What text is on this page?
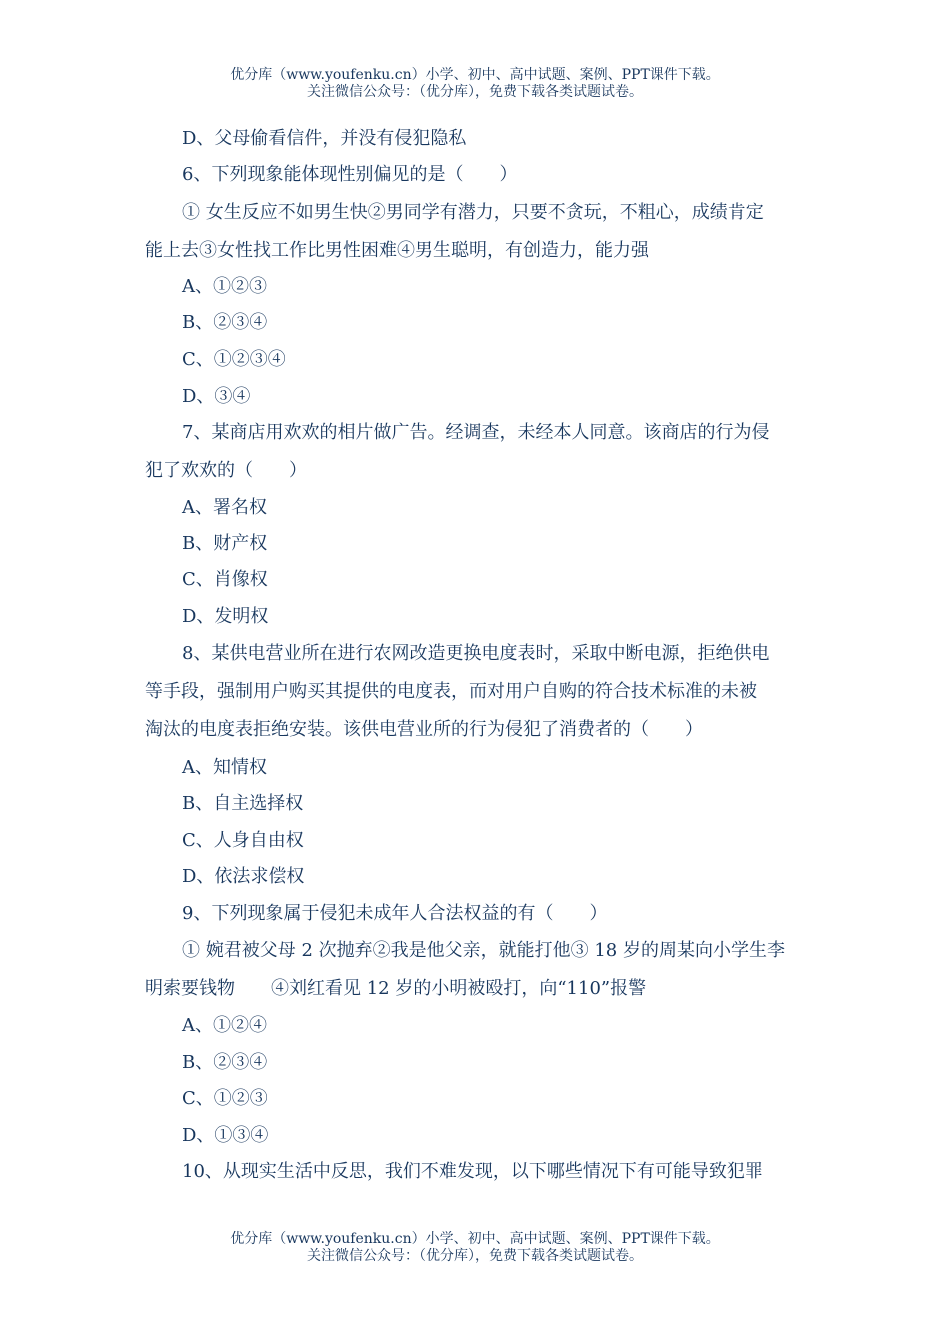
优分库（www.youfenku.cn）小学、初中、高中试题、案例、PPT课件下载。
关注微信公众号：（优分库），免费下载各类试题试卷。
D、父母偷看信件，并没有侵犯隐私
6、下列现象能体现性别偏见的是（　　）
① 女生反应不如男生快②男同学有潜力，只要不贪玩，不粗心，成绩肯定
能上去③女性找工作比男性困难④男生聪明，有创造力，能力强
A、①②③
B、②③④
C、①②③④
D、③④
7、某商店用欢欢的相片做广告。经调查，未经本人同意。该商店的行为侵
犯了欢欢的（　　）
A、署名权
B、财产权
C、肖像权
D、发明权
8、某供电营业所在进行农网改造更换电度表时，采取中断电源，拒绝供电
等手段，强制用户购买其提供的电度表，而对用户自购的符合技术标准的未被
淘汰的电度表拒绝安装。该供电营业所的行为侵犯了消费者的（　　）
A、知情权
B、自主选择权
C、人身自由权
D、依法求偿权
9、下列现象属于侵犯未成年人合法权益的有（　　）
① 婉君被父母 2 次抛弃②我是他父亲，就能打他③ 18 岁的周某向小学生李
明索要钱物　　④刘红看见 12 岁的小明被殴打，向“110”报警
A、①②④
B、②③④
C、①②③
D、①③④
10、从现实生活中反思，我们不难发现，以下哪些情况下有可能导致犯罪
优分库（www.youfenku.cn）小学、初中、高中试题、案例、PPT课件下载。
关注微信公众号：（优分库），免费下载各类试题试卷。
